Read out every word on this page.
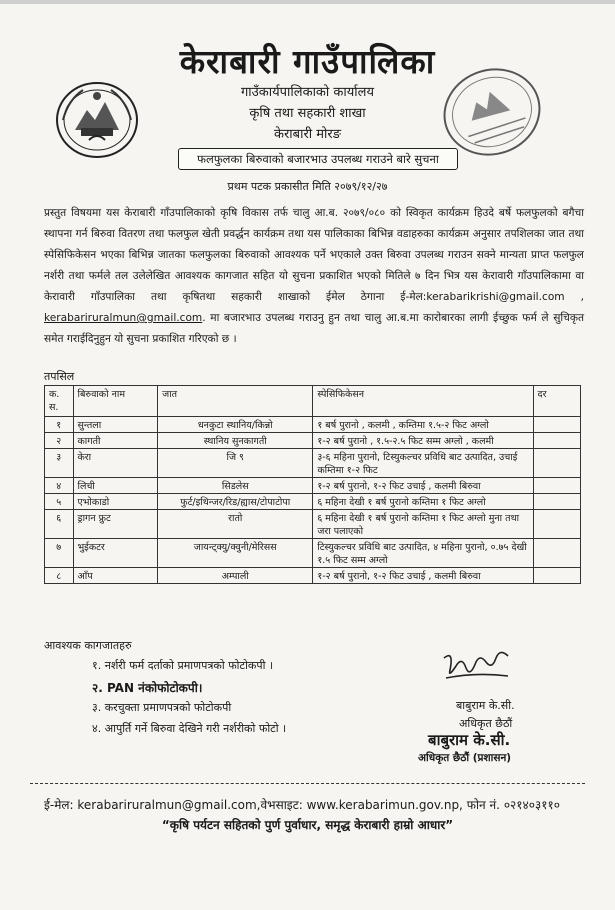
केराबारी गाउँपालिका
गाउँकार्यपालिकाको कार्यालय
कृषि तथा सहकारी शाखा
केराबारी मोरङ
फलफुलका बिरुवाको बजारभाउ उपलब्ध गराउने बारे सुचना
प्रथम पटक प्रकासीत मिति २०७९/१२/२७
प्रस्तुत विषयमा यस केराबारी गाँउपालिकाको कृषि विकास तर्फ चालु आ.ब. २०७९/०८० को स्विकृत कार्यक्रम हिउदे बर्षे फलफुलको बगैचा स्थापना गर्न बिरुवा वितरण तथा फलफुल खेती प्रवर्द्धन कार्यक्रम तथा यस पालिकाका बिभिन्न वडाहरुका कार्यक्रम अनुसार तपशिलका जात तथा स्पेसिफिकेसन भएका बिभिन्न जातका फलफुलका बिरुवाको आवश्यक पर्ने भएकाले उक्त बिरुवा उपलब्ध गराउन सक्ने मान्यता प्राप्त फलफुल नर्शरी तथा फर्मले तल उलेलेखित आवश्यक कागजात सहित यो सुचना प्रकाशित भएको मितिले ७ दिन भित्र यस केरावारी गाँउपालिकामा वा केरावारी गाँउपालिका तथा कृषितथा सहकारी शाखाको ईमेल ठेगाना ई-मेल:kerabarikrishi@gmail.com , kerabariruralmun@gmail.com. मा बजारभाउ उपलब्ध गराउनु हुन तथा चालु आ.ब.मा कारोबारका लागी ईच्छुक फर्म ले सुचिकृत समेत गराईदिनुहुन यो सुचना प्रकाशित गरिएको छ ।
तपसिल
क. स.	बिरुवाको नाम	जात	स्पेसिफिकेसन	दर
१	सुन्तला	धनकुटा स्थानिय/किन्नो	१ बर्ष पुरानो , कलमी , कम्तिमा १.५-२ फिट अग्लो	
२	कागती	स्थानिय सुनकागती	१-२ बर्ष पुरानो , १.५-२.५ फिट सम्म अग्लो , कलमी	
३	केरा	जि ९	३-६ महिना पुरानो, टिस्युकल्चर प्रविधि बाट उत्पादित, उचाई कम्तिमा १-२ फिट	
४	लिची	सिडलेस	१-२ बर्ष पुरानो, १-२ फिट उचाई , कलमी बिरुवा	
५	एभोकाडो	फुर्ट/इथिन्जर/रिड/ह्यास/टोपाटोपा	६ महिना देखी १ बर्ष पुरानो कम्तिमा १ फिट अग्लो	
६	ड्रागन फ्रुट	रातो	६ महिना देखी १ बर्ष पुरानो कम्तिमा १ फिट अग्लो मुना तथा जरा पलाएको	
७	भुईकटर	जायन्ट्क्यु/क्वुनी/मेरिसस	टिस्युकल्चर प्रविधि बाट उत्पादित, ४ महिना पुरानो, ०.७५ देखी १.५ फिट सम्म अग्लो	
८	आँप	अम्पाली	१-२ बर्ष पुरानो, १-२ फिट उचाई , कलमी बिरुवा	
आवश्यक कागजातहरु
१. नर्शरी फर्म दर्ताको प्रमाणपत्रको फोटोकपी ।
२. PAN नंकोफोटोकपी।
३. करचुक्ता प्रमाणपत्रको फोटोकपी
४. आपुर्ति गर्ने बिरुवा देखिने गरी नर्शरीको फोटो ।
बाबुराम के.सी.
अधिकृत छैठौं
बाबुराम के.सी.
अधिकृत छैठौं (प्रशासन)
ई-मेल: kerabariruralmun@gmail.com,वेभसाइट: www.kerabarimun.gov.np, फोन नं. ०२१४०३११०
“कृषि पर्यटन सहितको पुर्ण पुर्वाधार, समृद्ध केराबारी हाम्रो आधार”
